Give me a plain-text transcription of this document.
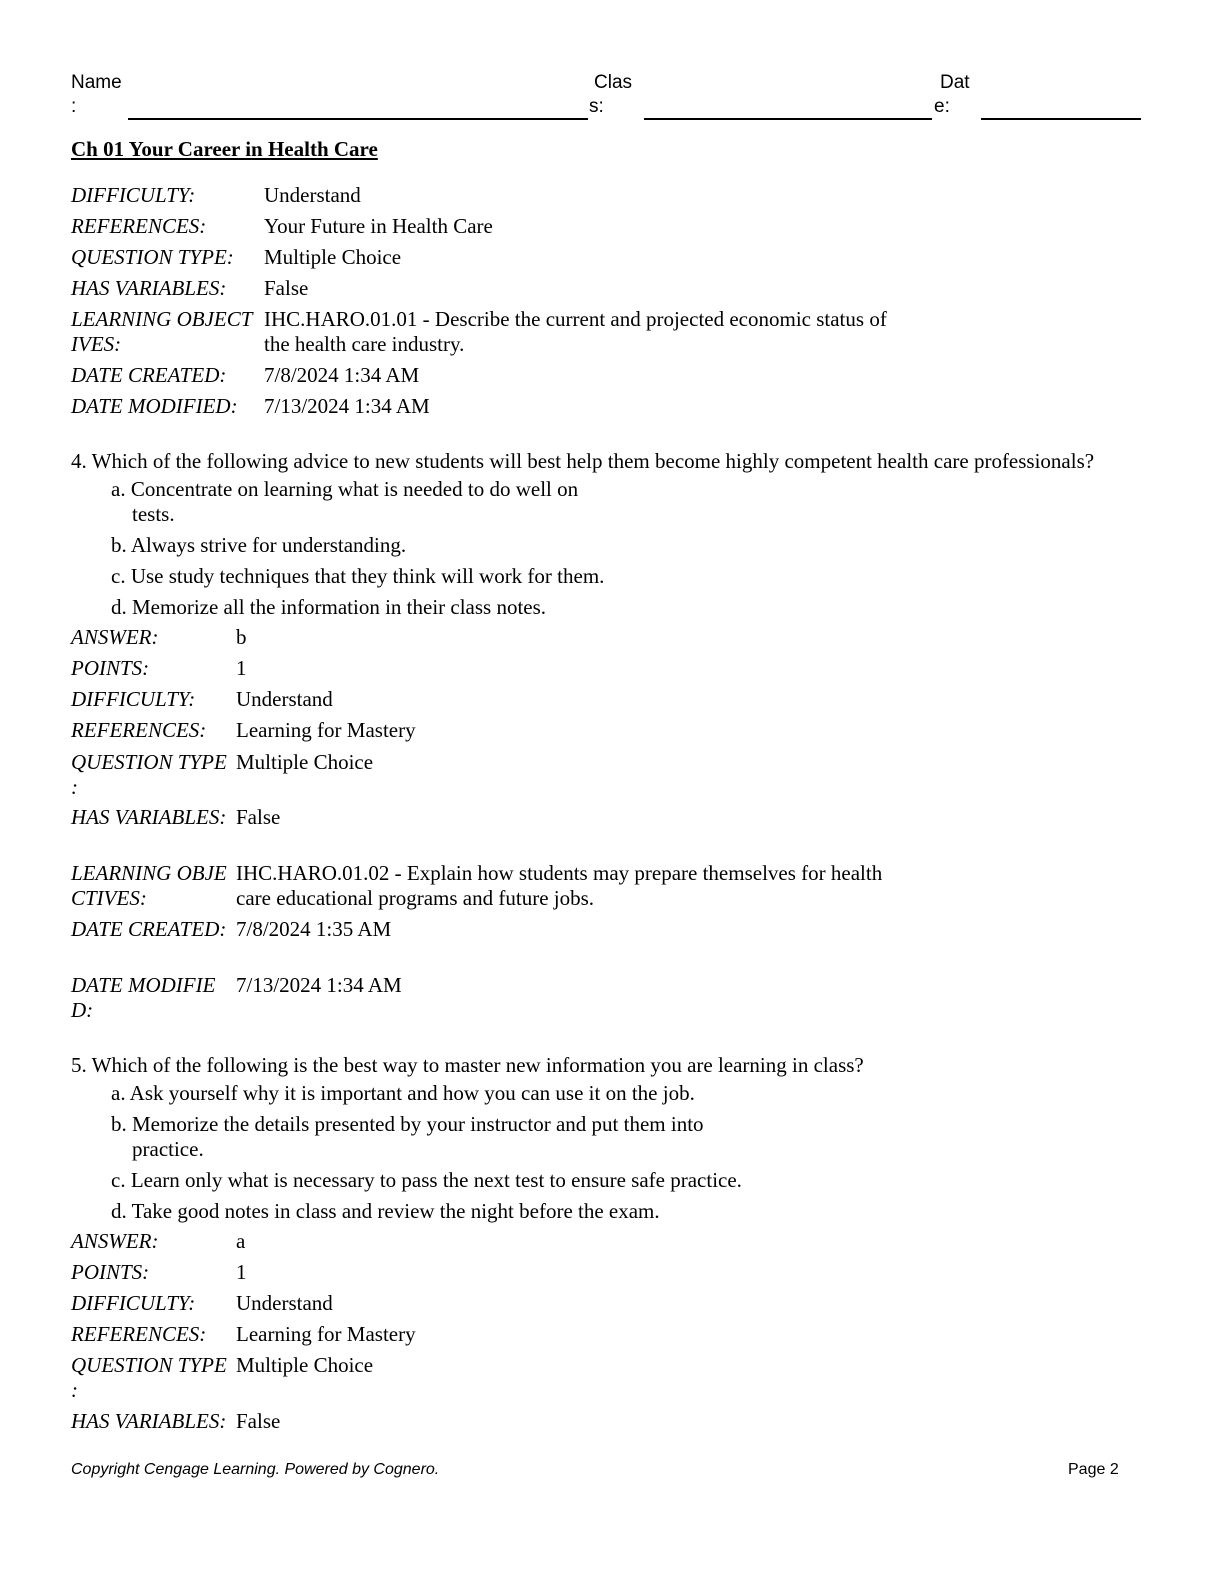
Name
:
Clas
s:
Dat
e:
Ch 01 Your Career in Health Care
DIFFICULTY:	Understand
REFERENCES:	Your Future in Health Care
QUESTION TYPE: Multiple Choice
HAS VARIABLES: False
LEARNING OBJECT
IVES:
IHC.HARO.01.01 - Describe the current and projected economic status of
the health care industry.
DATE CREATED: 7/8/2024 1:34 AM
DATE MODIFIED: 7/13/2024 1:34 AM
4. Which of the following advice to new students will best help them become highly competent health care professionals?
a. Concentrate on learning what is needed to do well on
tests.
b. Always strive for understanding.
c. Use study techniques that they think will work for them.
d. Memorize all the information in their class notes.
ANSWER:	b
POINTS:	1
DIFFICULTY: Understand
REFERENCES: Learning for Mastery
QUESTION TYPE
:
Multiple Choice
HAS VARIABLES: False
LEARNING OBJE
CTIVES:
IHC.HARO.01.02 - Explain how students may prepare themselves for health
care educational programs and future jobs.
DATE CREATED: 7/8/2024 1:35 AM
DATE MODIFIE
D:
7/13/2024 1:34 AM
5. Which of the following is the best way to master new information you are learning in class?
a. Ask yourself why it is important and how you can use it on the job.
b. Memorize the details presented by your instructor and put them into
practice.
c. Learn only what is necessary to pass the next test to ensure safe practice.
d. Take good notes in class and review the night before the exam.
ANSWER:	a
POINTS:	1
DIFFICULTY: Understand
REFERENCES: Learning for Mastery
QUESTION TYPE
:
Multiple Choice
HAS VARIABLES: False
Copyright Cengage Learning. Powered by Cognero.	Page 2
